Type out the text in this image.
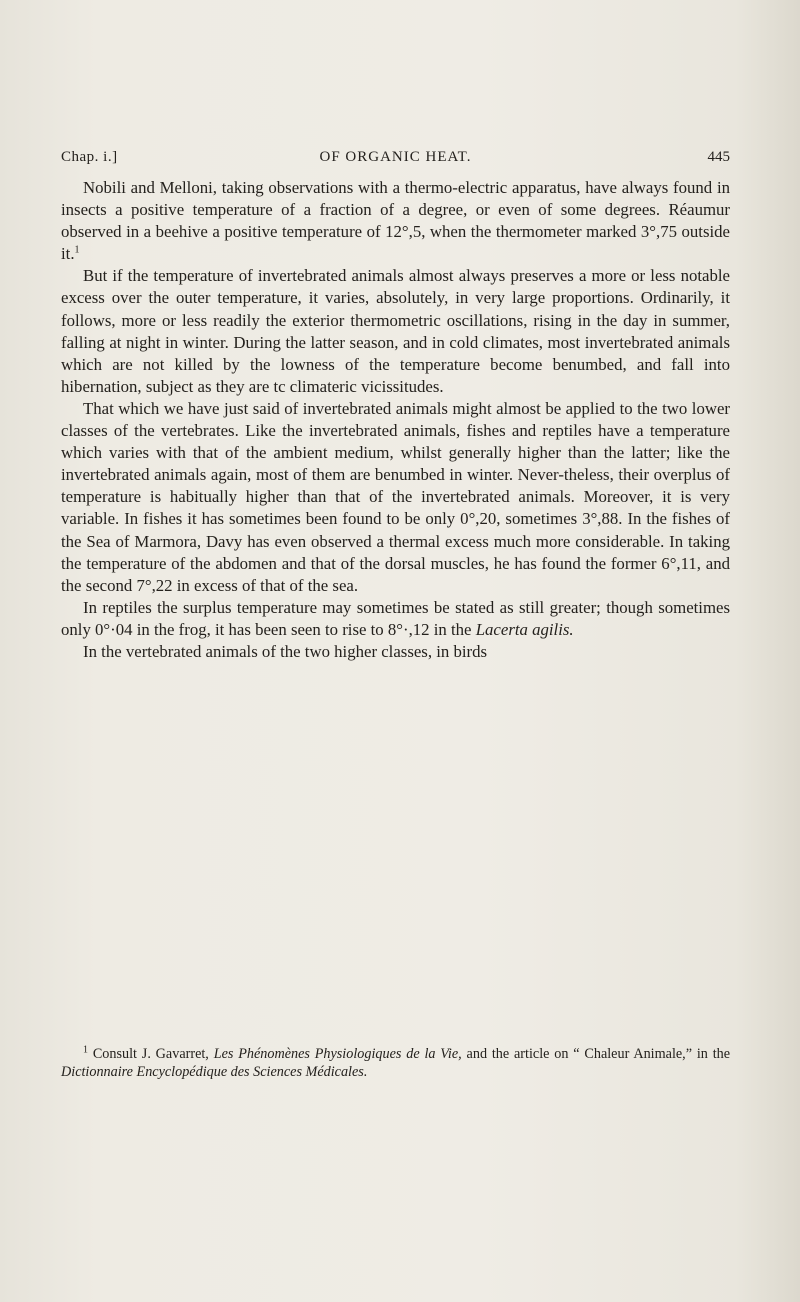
Chap. i.]	OF ORGANIC HEAT.	445

Nobili and Melloni, taking observations with a thermo-electric apparatus, have always found in insects a positive temperature of a fraction of a degree, or even of some degrees. Réaumur observed in a beehive a positive temperature of 12°,5, when the thermometer marked 3°,75 outside it.$^1$

But if the temperature of invertebrated animals almost always preserves a more or less notable excess over the outer temperature, it varies, absolutely, in very large proportions. Ordinarily, it follows, more or less readily the exterior thermometric oscillations, rising in the day in summer, falling at night in winter. During the latter season, and in cold climates, most invertebrated animals which are not killed by the lowness of the temperature become benumbed, and fall into hibernation, subject as they are tc climateric vicissitudes.

That which we have just said of invertebrated animals might almost be applied to the two lower classes of the vertebrates. Like the invertebrated animals, fishes and reptiles have a temperature which varies with that of the ambient medium, whilst generally higher than the latter; like the invertebrated animals again, most of them are benumbed in winter. Never-theless, their overplus of temperature is habitually higher than that of the invertebrated animals. Moreover, it is very variable. In fishes it has sometimes been found to be only 0°,20, sometimes 3°,88. In the fishes of the Sea of Marmora, Davy has even observed a thermal excess much more considerable. In taking the temperature of the abdomen and that of the dorsal muscles, he has found the former 6°,11, and the second 7°,22 in excess of that of the sea.

In reptiles the surplus temperature may sometimes be stated as still greater; though sometimes only 0°·04 in the frog, it has been seen to rise to 8°·,12 in the Lacerta agilis.

In the vertebrated animals of the two higher classes, in birds

$^1$ Consult J. Gavarret, Les Phénomènes Physiologiques de la Vie, and the article on “ Chaleur Animale,” in the Dictionnaire Encyclopédique des Sciences Médicales.
